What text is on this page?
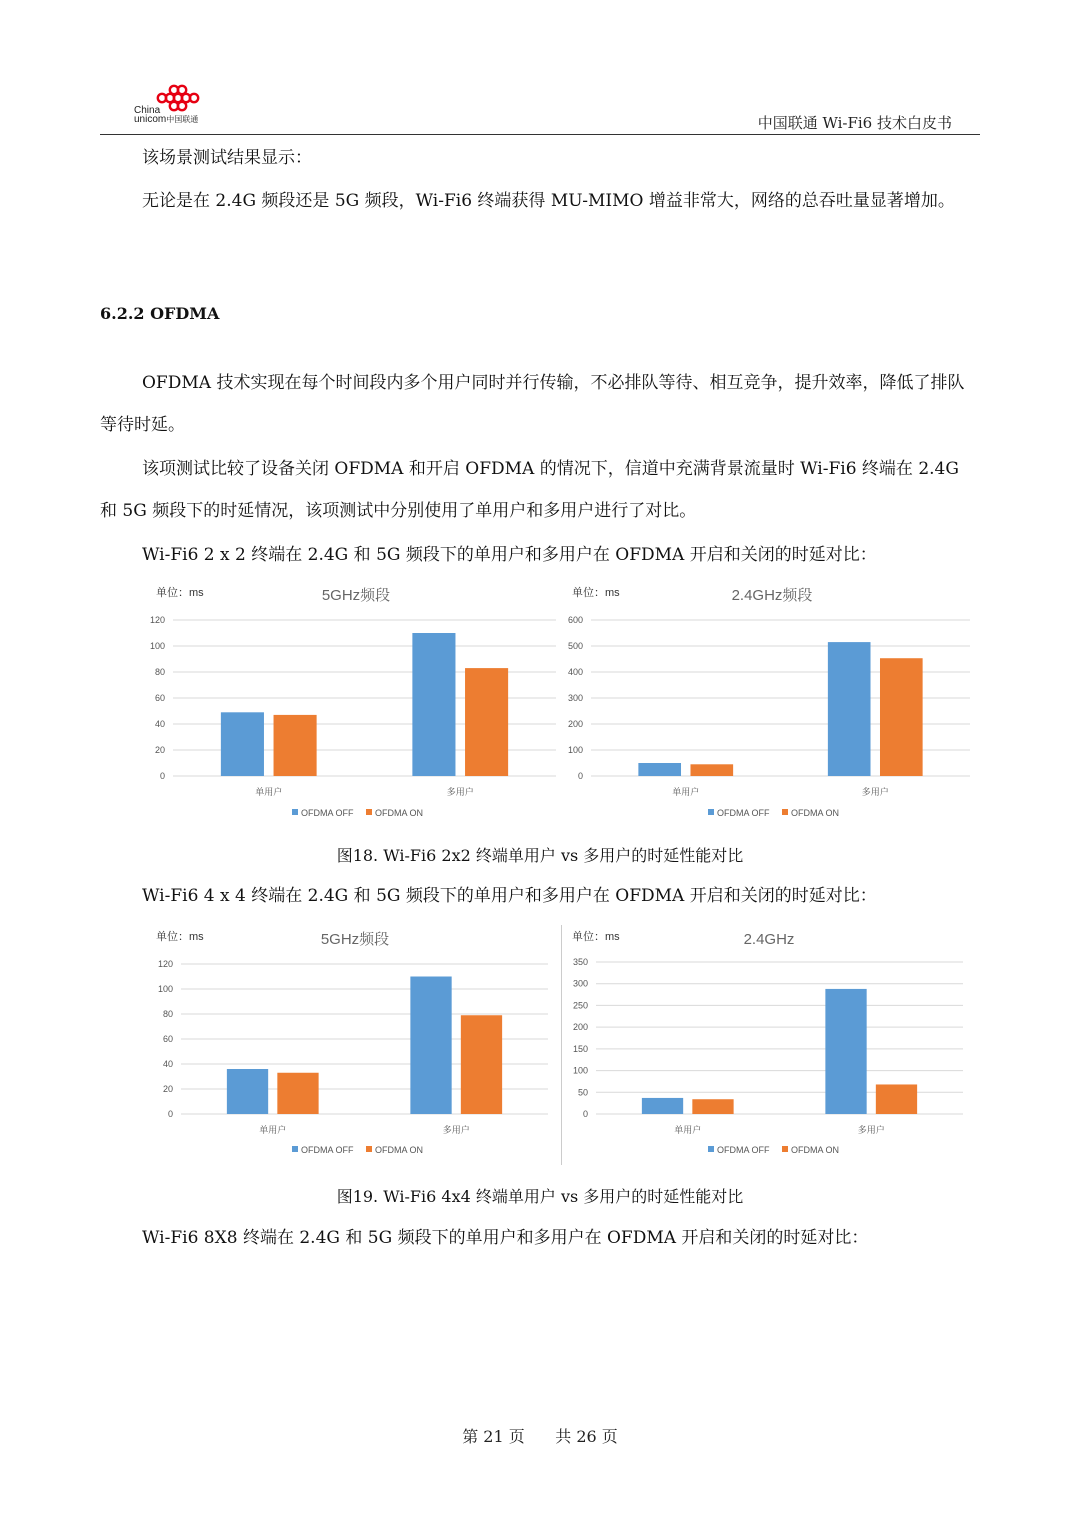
China
unicom中国联通	中国联通 Wi-Fi6 技术白皮书
该场景测试结果显示：
无论是在 2.4G 频段还是 5G 频段，Wi-Fi6 终端获得 MU-MIMO 增益非常大，网络的总吞吐量显著增加。
6.2.2 OFDMA
OFDMA 技术实现在每个时间段内多个用户同时并行传输，不必排队等待、相互竞争，提升效率，降低了排队等待时延。
该项测试比较了设备关闭 OFDMA 和开启 OFDMA 的情况下，信道中充满背景流量时 Wi-Fi6 终端在 2.4G 和 5G 频段下的时延情况，该项测试中分别使用了单用户和多用户进行了对比。
Wi-Fi6 2 x 2 终端在 2.4G 和 5G 频段下的单用户和多用户在 OFDMA 开启和关闭的时延对比：
单位：ms	5GHz频段
0
20
40
60
80
100
120
单用户	多用户
OFDMA OFF OFDMA ON
单位：ms	2.4GHz频段
0
100
200
300
400
500
600
单用户	多用户
OFDMA OFF OFDMA ON
图18. Wi-Fi6 2x2 终端单用户 vs 多用户的时延性能对比
Wi-Fi6 4 x 4 终端在 2.4G 和 5G 频段下的单用户和多用户在 OFDMA 开启和关闭的时延对比：
单位：ms	5GHz频段
0
20
40
60
80
100
120
单用户	多用户
OFDMA OFF OFDMA ON
单位：ms	2.4GHz
0
50
100
150
200
250
300
350
单用户	多用户
OFDMA OFF OFDMA ON
图19. Wi-Fi6 4x4 终端单用户 vs 多用户的时延性能对比
Wi-Fi6 8X8 终端在 2.4G 和 5G 频段下的单用户和多用户在 OFDMA 开启和关闭的时延对比：
第 21 页      共 26 页
